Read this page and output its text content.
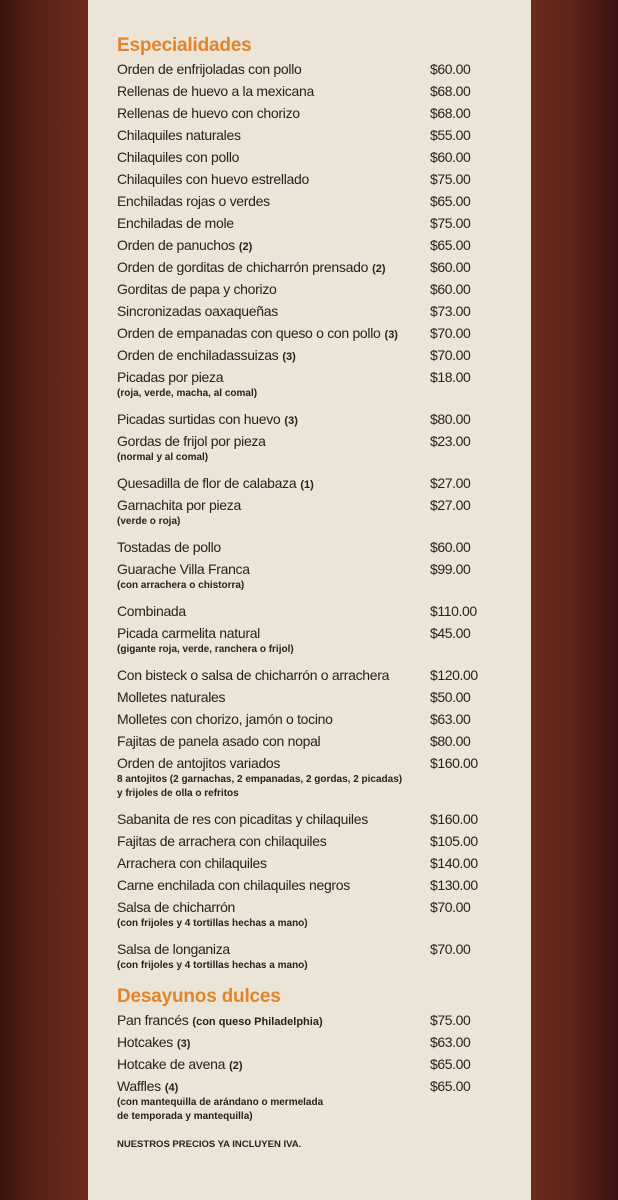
Especialidades
Orden de enfrijoladas con pollo	$60.00
Rellenas de huevo a la mexicana	$68.00
Rellenas de huevo con chorizo	$68.00
Chilaquiles naturales	$55.00
Chilaquiles con pollo	$60.00
Chilaquiles con huevo estrellado	$75.00
Enchiladas rojas o verdes	$65.00
Enchiladas de mole	$75.00
Orden de panuchos (2)	$65.00
Orden de gorditas de chicharrón prensado (2)	$60.00
Gorditas de papa y chorizo	$60.00
Sincronizadas oaxaqueñas	$73.00
Orden de empanadas con queso o con pollo (3) $70.00
Orden de enchiladassuizas (3)	$70.00
Picadas por pieza	$18.00
(roja, verde, macha, al comal)
Picadas surtidas con huevo (3)	$80.00
Gordas de frijol por pieza	$23.00
(normal y al comal)
Quesadilla de flor de calabaza (1)	$27.00
Garnachita por pieza	$27.00
(verde o roja)
Tostadas de pollo	$60.00
Guarache Villa Franca	$99.00
(con arrachera o chistorra)
Combinada	$110.00
Picada carmelita natural	$45.00
(gigante roja, verde, ranchera o frijol)
Con bisteck o salsa de chicharrón o arrachera	$120.00
Molletes naturales	$50.00
Molletes con chorizo, jamón o tocino	$63.00
Fajitas de panela asado con nopal	$80.00
Orden de antojitos variados	$160.00
8 antojitos (2 garnachas, 2 empanadas, 2 gordas, 2 picadas)
y frijoles de olla o refritos
Sabanita de res con picaditas y chilaquiles	$160.00
Fajitas de arrachera con chilaquiles	$105.00
Arrachera con chilaquiles	$140.00
Carne enchilada con chilaquiles negros	$130.00
Salsa de chicharrón	$70.00
(con frijoles y 4 tortillas hechas a mano)
Salsa de longaniza	$70.00
(con frijoles y 4 tortillas hechas a mano)
Desayunos dulces
Pan francés (con queso Philadelphia)	$75.00
Hotcakes (3)	$63.00
Hotcake de avena (2)	$65.00
Waffles (4)	$65.00
(con mantequilla de arándano o mermelada
de temporada y mantequilla)
NUESTROS PRECIOS YA INCLUYEN IVA.
